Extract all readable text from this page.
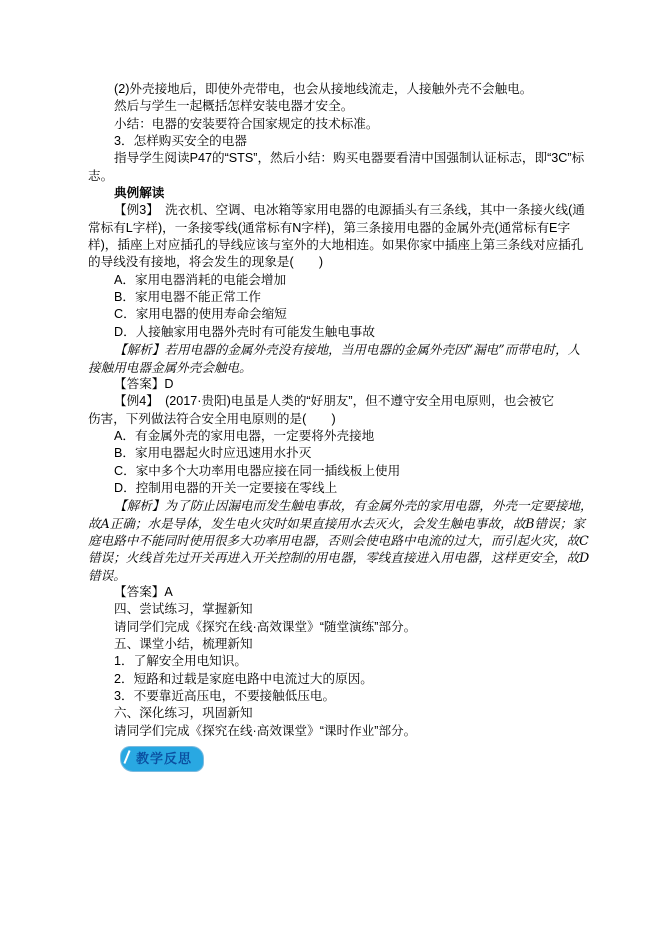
(2)外壳接地后，即使外壳带电，也会从接地线流走，人接触外壳不会触电。
然后与学生一起概括怎样安装电器才安全。
小结：电器的安装要符合国家规定的技术标准。
3．怎样购买安全的电器
指导学生阅读P47的“STS”，然后小结：购买电器要看清中国强制认证标志，即“3C”标
志。
典例解读
【例3】　洗衣机、空调、电冰箱等家用电器的电源插头有三条线，其中一条接火线(通
常标有L字样)，一条接零线(通常标有N字样)，第三条接用电器的金属外壳(通常标有E字
样)，插座上对应插孔的导线应该与室外的大地相连。如果你家中插座上第三条线对应插孔
的导线没有接地，将会发生的现象是(　　)
A．家用电器消耗的电能会增加
B．家用电器不能正常工作
C．家用电器的使用寿命会缩短
D．人接触家用电器外壳时有可能发生触电事故
【解析】若用电器的金属外壳没有接地，当用电器的金属外壳因“漏电”而带电时，人
接触用电器金属外壳会触电。
【答案】D
【例4】　(2017·贵阳)电虽是人类的“好朋友”，但不遵守安全用电原则，也会被它
伤害，下列做法符合安全用电原则的是(　　)
A．有金属外壳的家用电器，一定要将外壳接地
B．家用电器起火时应迅速用水扑灭
C．家中多个大功率用电器应接在同一插线板上使用
D．控制用电器的开关一定要接在零线上
【解析】为了防止因漏电而发生触电事故，有金属外壳的家用电器，外壳一定要接地，
故A正确；水是导体，发生电火灾时如果直接用水去灭火，会发生触电事故，故B错误；家
庭电路中不能同时使用很多大功率用电器，否则会使电路中电流的过大，而引起火灾，故C
错误；火线首先过开关再进入开关控制的用电器，零线直接进入用电器，这样更安全，故D
错误。
【答案】A
四、尝试练习，掌握新知
请同学们完成《探究在线·高效课堂》“随堂演练”部分。
五、课堂小结，梳理新知
1．了解安全用电知识。
2．短路和过载是家庭电路中电流过大的原因。
3．不要靠近高压电，不要接触低压电。
六、深化练习，巩固新知
请同学们完成《探究在线·高效课堂》“课时作业”部分。
教学反思
